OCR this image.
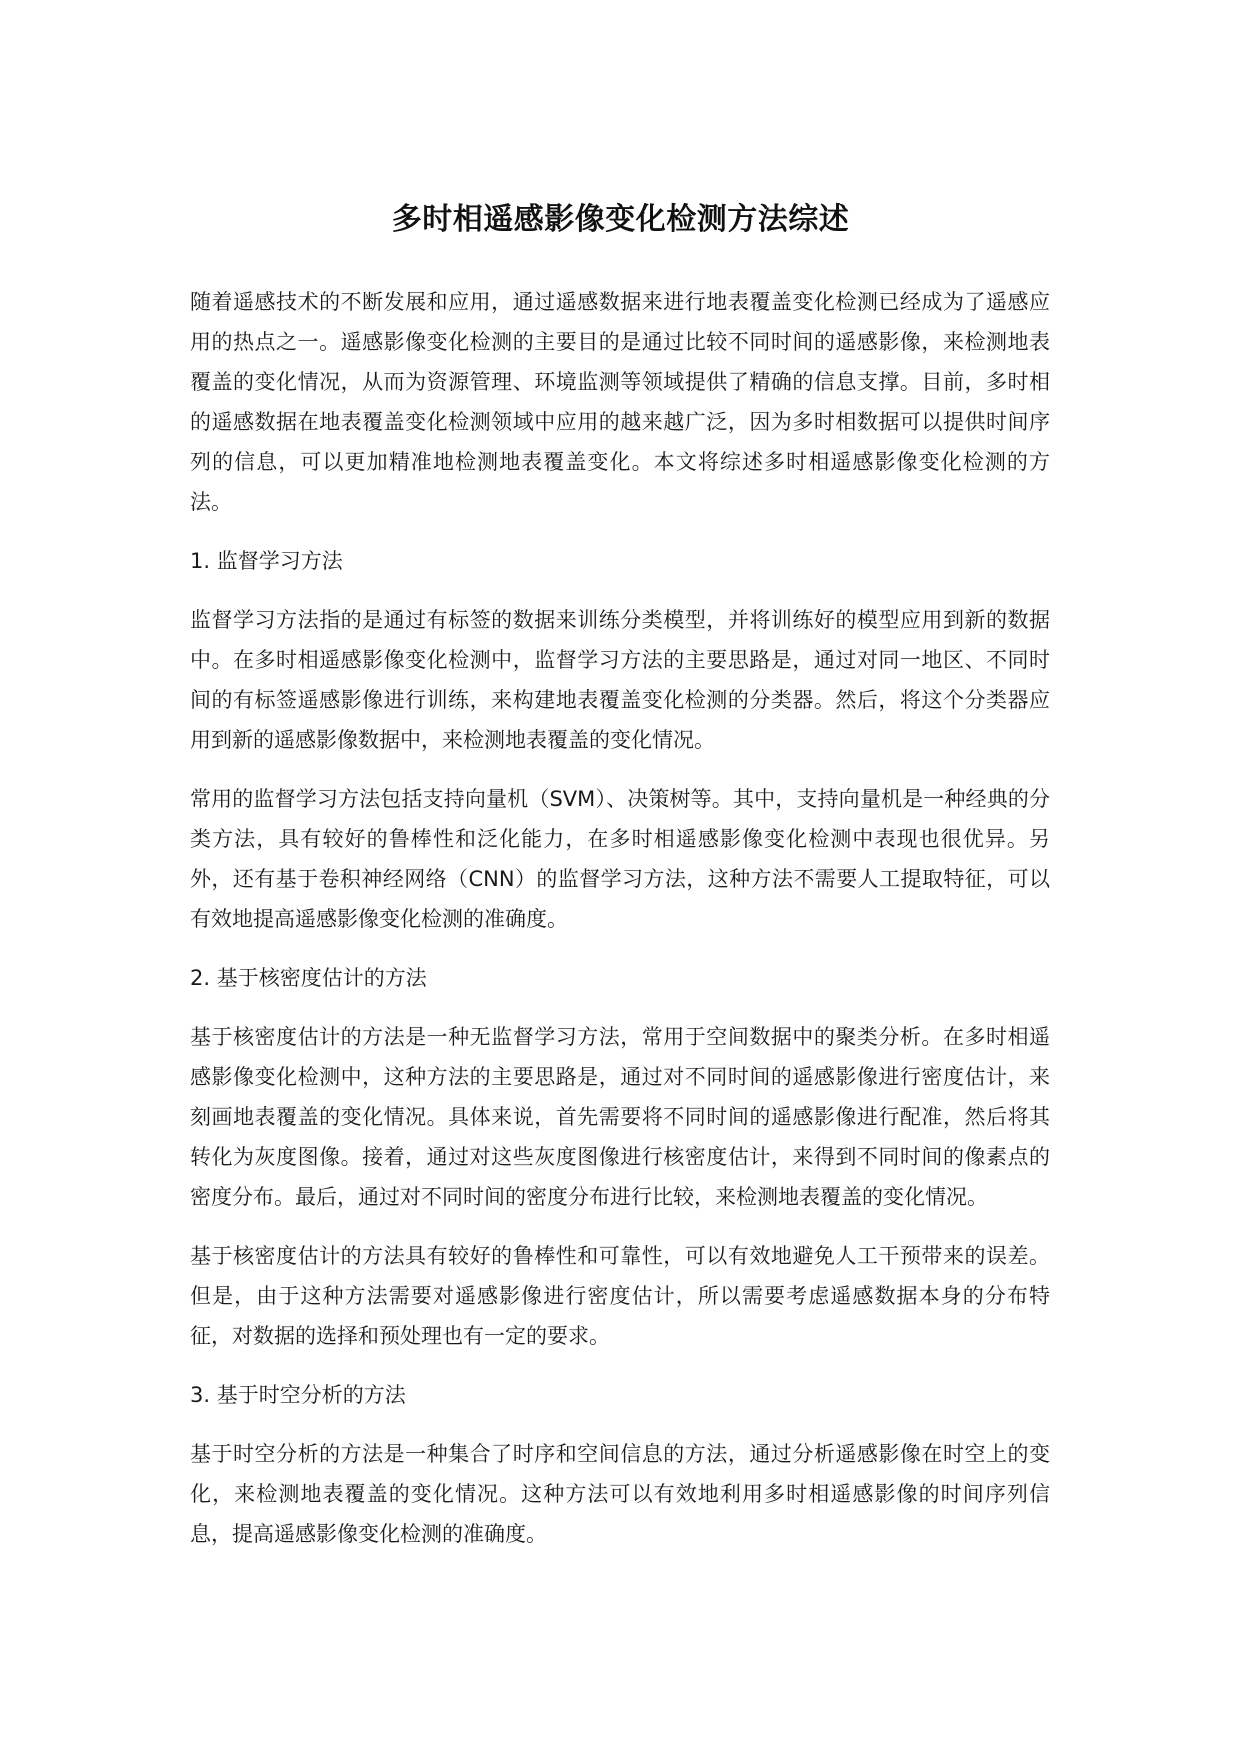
多时相遥感影像变化检测方法综述

随着遥感技术的不断发展和应用，通过遥感数据来进行地表覆盖变化检测已经成为了遥感应用的热点之一。遥感影像变化检测的主要目的是通过比较不同时间的遥感影像，来检测地表覆盖的变化情况，从而为资源管理、环境监测等领域提供了精确的信息支撑。目前，多时相的遥感数据在地表覆盖变化检测领域中应用的越来越广泛，因为多时相数据可以提供时间序列的信息，可以更加精准地检测地表覆盖变化。本文将综述多时相遥感影像变化检测的方法。

1. 监督学习方法

监督学习方法指的是通过有标签的数据来训练分类模型，并将训练好的模型应用到新的数据中。在多时相遥感影像变化检测中，监督学习方法的主要思路是，通过对同一地区、不同时间的有标签遥感影像进行训练，来构建地表覆盖变化检测的分类器。然后，将这个分类器应用到新的遥感影像数据中，来检测地表覆盖的变化情况。

常用的监督学习方法包括支持向量机（SVM）、决策树等。其中，支持向量机是一种经典的分类方法，具有较好的鲁棒性和泛化能力，在多时相遥感影像变化检测中表现也很优异。另外，还有基于卷积神经网络（CNN）的监督学习方法，这种方法不需要人工提取特征，可以有效地提高遥感影像变化检测的准确度。

2. 基于核密度估计的方法

基于核密度估计的方法是一种无监督学习方法，常用于空间数据中的聚类分析。在多时相遥感影像变化检测中，这种方法的主要思路是，通过对不同时间的遥感影像进行密度估计，来刻画地表覆盖的变化情况。具体来说，首先需要将不同时间的遥感影像进行配准，然后将其转化为灰度图像。接着，通过对这些灰度图像进行核密度估计，来得到不同时间的像素点的密度分布。最后，通过对不同时间的密度分布进行比较，来检测地表覆盖的变化情况。

基于核密度估计的方法具有较好的鲁棒性和可靠性，可以有效地避免人工干预带来的误差。但是，由于这种方法需要对遥感影像进行密度估计，所以需要考虑遥感数据本身的分布特征，对数据的选择和预处理也有一定的要求。

3. 基于时空分析的方法

基于时空分析的方法是一种集合了时序和空间信息的方法，通过分析遥感影像在时空上的变化，来检测地表覆盖的变化情况。这种方法可以有效地利用多时相遥感影像的时间序列信息，提高遥感影像变化检测的准确度。
